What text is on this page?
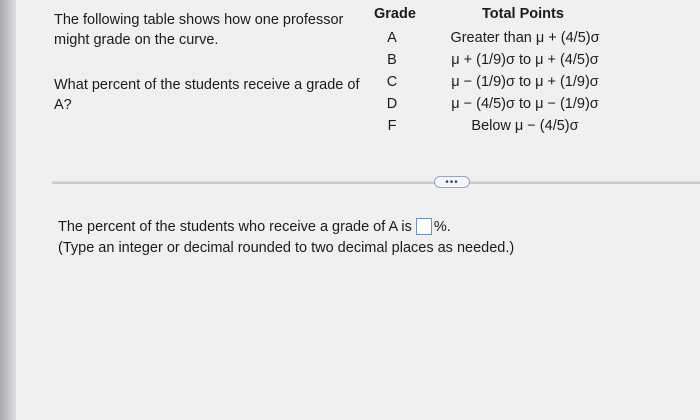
The following table shows how one professor might grade on the curve.

What percent of the students receive a grade of A?

Grade	Total Points
A	Greater than μ + (4/5)σ
B	μ + (1/9)σ to μ + (4/5)σ
C	μ − (1/9)σ to μ + (1/9)σ
D	μ − (4/5)σ to μ − (1/9)σ
F	Below μ − (4/5)σ
•••
The percent of the students who receive a grade of A is %.
(Type an integer or decimal rounded to two decimal places as needed.)
